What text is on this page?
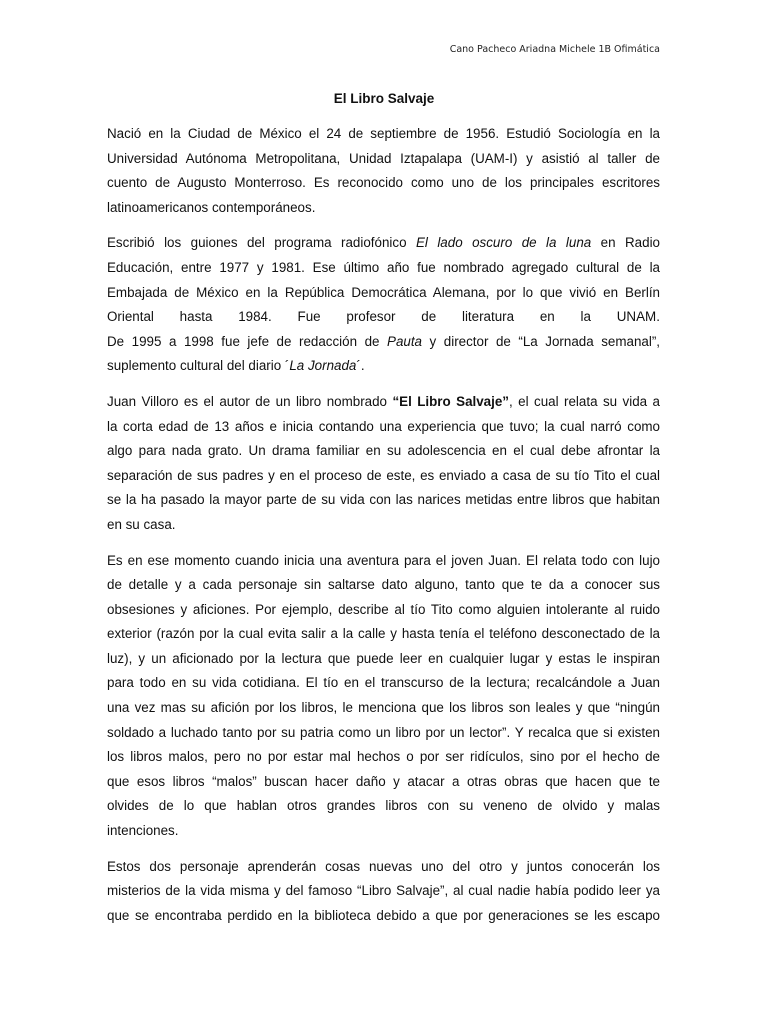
Cano Pacheco Ariadna Michele 1B Ofimática
El Libro Salvaje

Nació en la Ciudad de México el 24 de septiembre de 1956. Estudió Sociología en la
Universidad Autónoma Metropolitana, Unidad Iztapalapa (UAM-I) y asistió al taller de
cuento de Augusto Monterroso. Es reconocido como uno de los principales escritores
latinoamericanos contemporáneos.

Escribió los guiones del programa radiofónico El lado oscuro de la luna en Radio
Educación, entre 1977 y 1981. Ese último año fue nombrado agregado cultural de la
Embajada de México en la República Democrática Alemana, por lo que vivió en Berlín
Oriental hasta 1984. Fue profesor de literatura en la UNAM.
De 1995 a 1998 fue jefe de redacción de Pauta y director de “La Jornada semanal”,
suplemento cultural del diario ´La Jornada´.

Juan Villoro es el autor de un libro nombrado “El Libro Salvaje”, el cual relata su vida a
la corta edad de 13 años e inicia contando una experiencia que tuvo; la cual narró como
algo para nada grato. Un drama familiar en su adolescencia en el cual debe afrontar la
separación de sus padres y en el proceso de este, es enviado a casa de su tío Tito el cual
se la ha pasado la mayor parte de su vida con las narices metidas entre libros que habitan
en su casa.

Es en ese momento cuando inicia una aventura para el joven Juan. El relata todo con lujo
de detalle y a cada personaje sin saltarse dato alguno, tanto que te da a conocer sus
obsesiones y aficiones. Por ejemplo, describe al tío Tito como alguien intolerante al ruido
exterior (razón por la cual evita salir a la calle y hasta tenía el teléfono desconectado de la
luz), y un aficionado por la lectura que puede leer en cualquier lugar y estas le inspiran
para todo en su vida cotidiana. El tío en el transcurso de la lectura; recalcándole a Juan
una vez mas su afición por los libros, le menciona que los libros son leales y que “ningún
soldado a luchado tanto por su patria como un libro por un lector”. Y recalca que si existen
los libros malos, pero no por estar mal hechos o por ser ridículos, sino por el hecho de
que esos libros “malos” buscan hacer daño y atacar a otras obras que hacen que te
olvides de lo que hablan otros grandes libros con su veneno de olvido y malas
intenciones.

Estos dos personaje aprenderán cosas nuevas uno del otro y juntos conocerán los
misterios de la vida misma y del famoso “Libro Salvaje”, al cual nadie había podido leer ya
que se encontraba perdido en la biblioteca debido a que por generaciones se les escapo
